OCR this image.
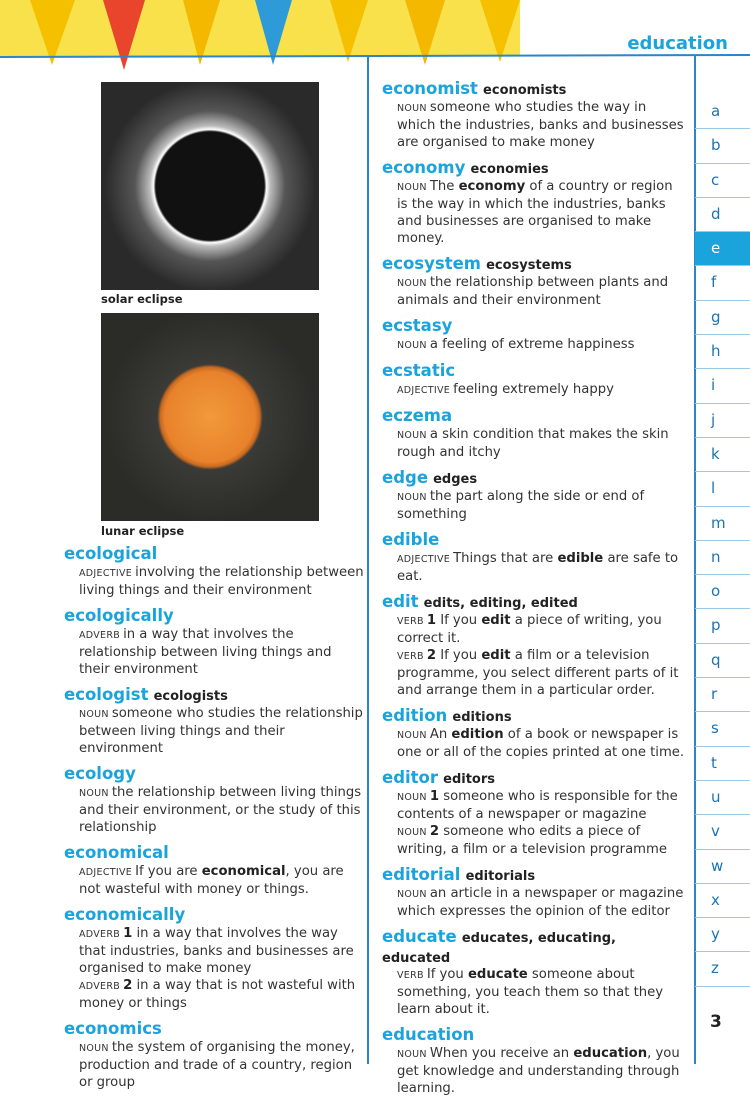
education
solar eclipse
lunar eclipse
ecological
ADJECTIVE involving the relationship between living things and their environment
ecologically
ADVERB in a way that involves the relationship between living things and their environment
ecologist ecologists
NOUN someone who studies the relationship between living things and their environment
ecology
NOUN the relationship between living things and their environment, or the study of this relationship
economical
ADJECTIVE If you are economical, you are not wasteful with money or things.
economically
ADVERB 1 in a way that involves the way that industries, banks and businesses are organised to make money
ADVERB 2 in a way that is not wasteful with money or things
economics
NOUN the system of organising the money, production and trade of a country, region or group
economist economists
NOUN someone who studies the way in which the industries, banks and businesses are organised to make money
economy economies
NOUN The economy of a country or region is the way in which the industries, banks and businesses are organised to make money.
ecosystem ecosystems
NOUN the relationship between plants and animals and their environment
ecstasy
NOUN a feeling of extreme happiness
ecstatic
ADJECTIVE feeling extremely happy
eczema
NOUN a skin condition that makes the skin rough and itchy
edge edges
NOUN the part along the side or end of something
edible
ADJECTIVE Things that are edible are safe to eat.
edit edits, editing, edited
VERB 1 If you edit a piece of writing, you correct it.
VERB 2 If you edit a film or a television programme, you select different parts of it and arrange them in a particular order.
edition editions
NOUN An edition of a book or newspaper is one or all of the copies printed at one time.
editor editors
NOUN 1 someone who is responsible for the contents of a newspaper or magazine
NOUN 2 someone who edits a piece of writing, a film or a television programme
editorial editorials
NOUN an article in a newspaper or magazine which expresses the opinion of the editor
educate educates, educating, educated
VERB If you educate someone about something, you teach them so that they learn about it.
education
NOUN When you receive an education, you get knowledge and understanding through learning.
a
b
c
d
e
f
g
h
i
j
k
l
m
n
o
p
q
r
s
t
u
v
w
x
y
z
3
